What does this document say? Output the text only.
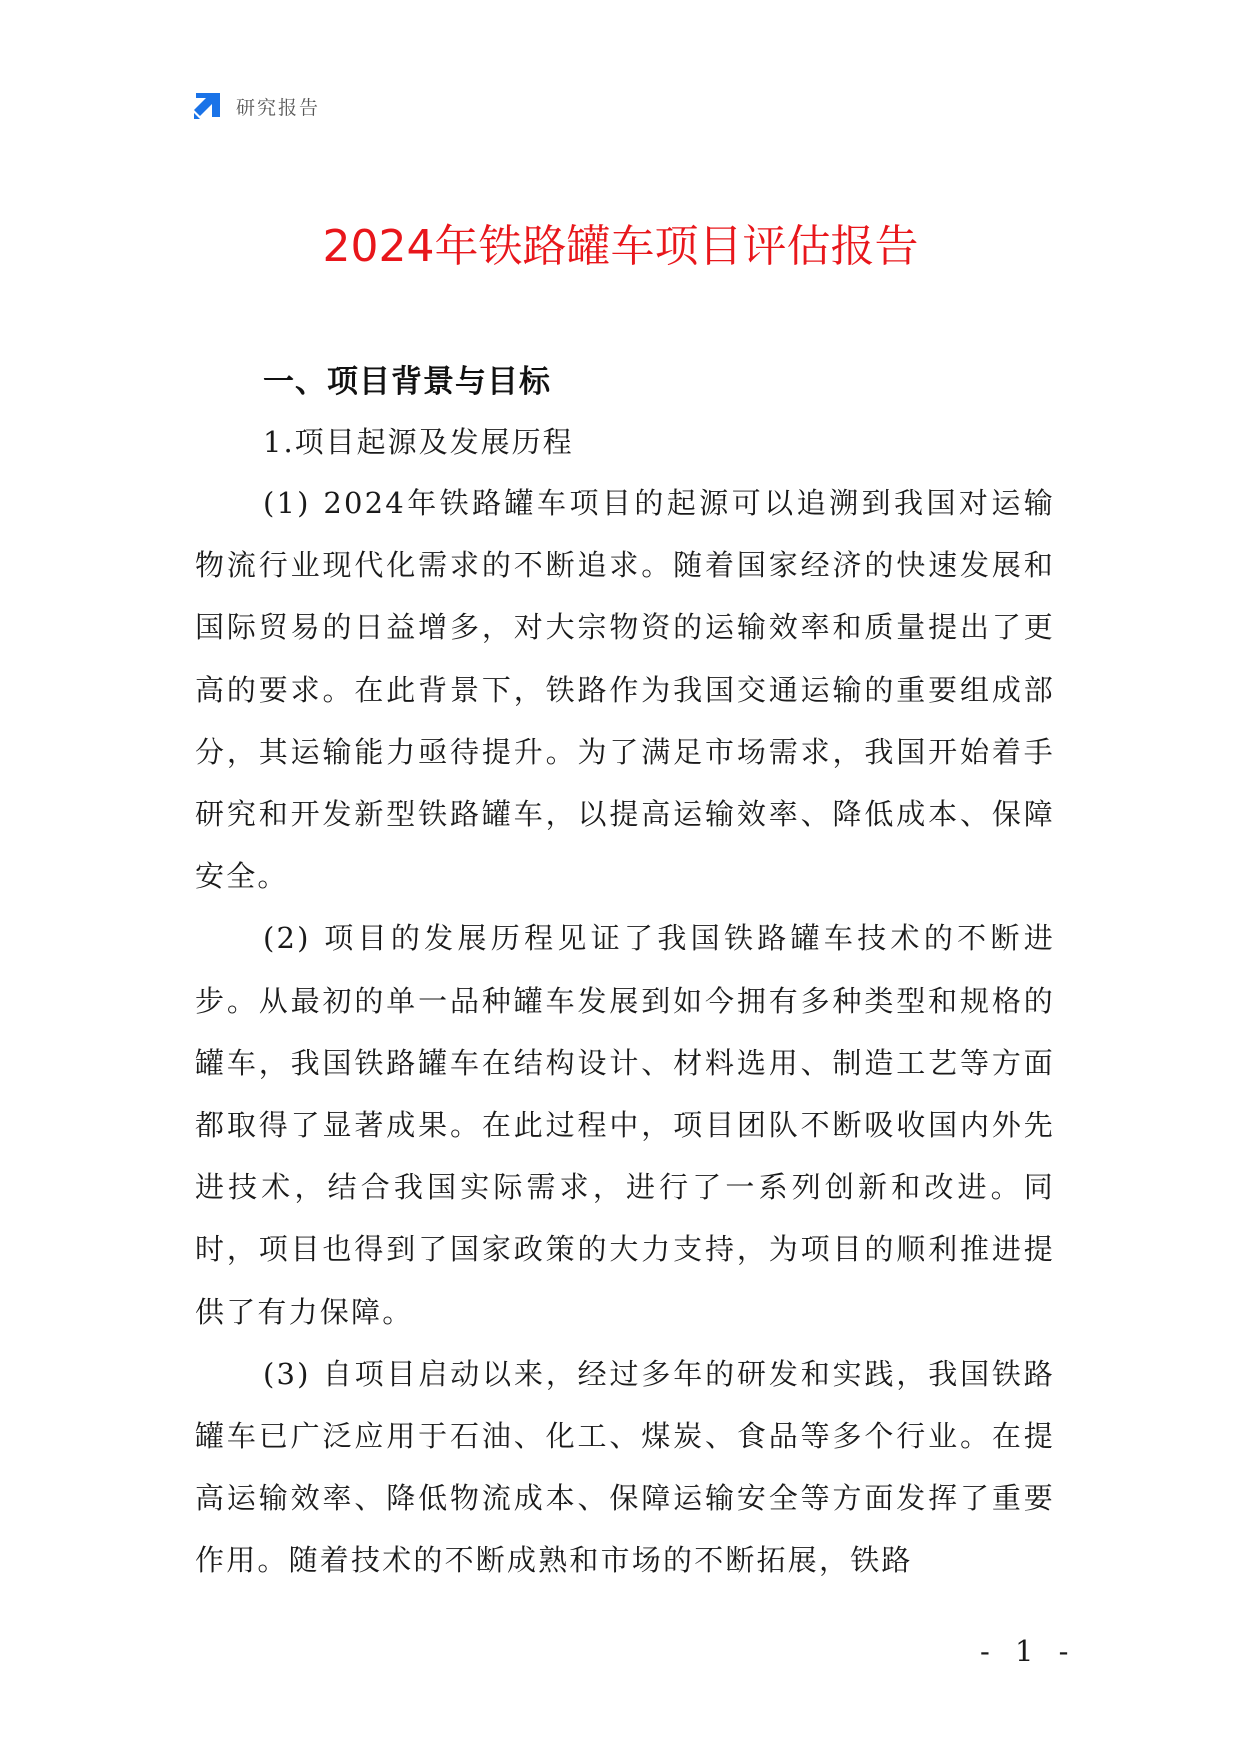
研究报告
2024年铁路罐车项目评估报告
一、项目背景与目标
1.项目起源及发展历程

(1) 2024年铁路罐车项目的起源可以追溯到我国对运输物流行业现代化需求的不断追求。随着国家经济的快速发展和国际贸易的日益增多，对大宗物资的运输效率和质量提出了更高的要求。在此背景下，铁路作为我国交通运输的重要组成部分，其运输能力亟待提升。为了满足市场需求，我国开始着手研究和开发新型铁路罐车，以提高运输效率、降低成本、保障安全。

(2) 项目的发展历程见证了我国铁路罐车技术的不断进步。从最初的单一品种罐车发展到如今拥有多种类型和规格的罐车，我国铁路罐车在结构设计、材料选用、制造工艺等方面都取得了显著成果。在此过程中，项目团队不断吸收国内外先进技术，结合我国实际需求，进行了一系列创新和改进。同时，项目也得到了国家政策的大力支持，为项目的顺利推进提供了有力保障。

(3) 自项目启动以来，经过多年的研发和实践，我国铁路罐车已广泛应用于石油、化工、煤炭、食品等多个行业。在提高运输效率、降低物流成本、保障运输安全等方面发挥了重要作用。随着技术的不断成熟和市场的不断拓展，铁路

- 1 -
